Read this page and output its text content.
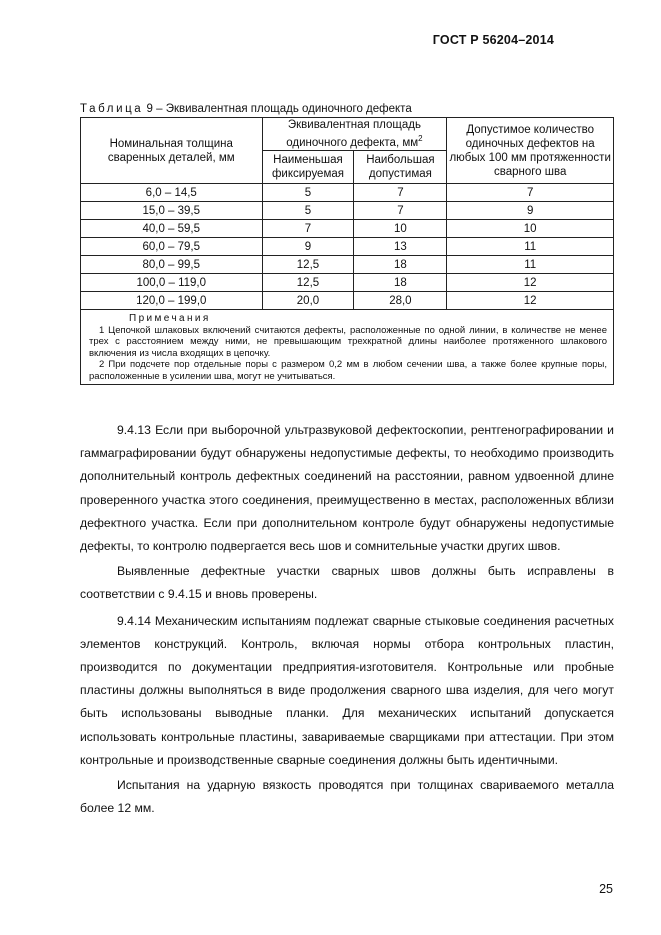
ГОСТ Р 56204–2014
Таблица 9 – Эквивалентная площадь одиночного дефекта
Номинальная толщина сваренных деталей, мм	Эквивалентная площадь одиночного дефекта, $мм^2$		Допустимое количество одиночных дефектов на любых 100 мм протяженности сварного шва
	Наименьшая фиксируемая	Наибольшая допустимая	
6,0 – 14,5	5	7	7
15,0 – 39,5	5	7	9
40,0 – 59,5	7	10	10
60,0 – 79,5	9	13	11
80,0 – 99,5	12,5	18	11
100,0 – 119,0	12,5	18	12
120,0 – 199,0	20,0	28,0	12

Примечания
1 Цепочкой шлаковых включений считаются дефекты, расположенные по одной линии, в количестве не менее трех с расстоянием между ними, не превышающим трехкратной длины наиболее протяженного шлакового включения из числа входящих в цепочку.
2 При подсчете пор отдельные поры с размером 0,2 мм в любом сечении шва, а также более крупные поры, расположенные в усилении шва, могут не учитываться.			

9.4.13 Если при выборочной ультразвуковой дефектоскопии, рентгенографировании и гаммаграфировании будут обнаружены недопустимые дефекты, то необходимо производить дополнительный контроль дефектных соединений на расстоянии, равном удвоенной длине проверенного участка этого соединения, преимущественно в местах, расположенных вблизи дефектного участка. Если при дополнительном контроле будут обнаружены недопустимые дефекты, то контролю подвергается весь шов и сомнительные участки других швов.

Выявленные дефектные участки сварных швов должны быть исправлены в соответствии с 9.4.15 и вновь проверены.

9.4.14 Механическим испытаниям подлежат сварные стыковые соединения расчетных элементов конструкций. Контроль, включая нормы отбора контрольных пластин, производится по документации предприятия-изготовителя. Контрольные или пробные пластины должны выполняться в виде продолжения сварного шва изделия, для чего могут быть использованы выводные планки. Для механических испытаний допускается использовать контрольные пластины, завариваемые сварщиками при аттестации. При этом контрольные и производственные сварные соединения должны быть идентичными.

Испытания на ударную вязкость проводятся при толщинах свариваемого металла более 12 мм.

25
